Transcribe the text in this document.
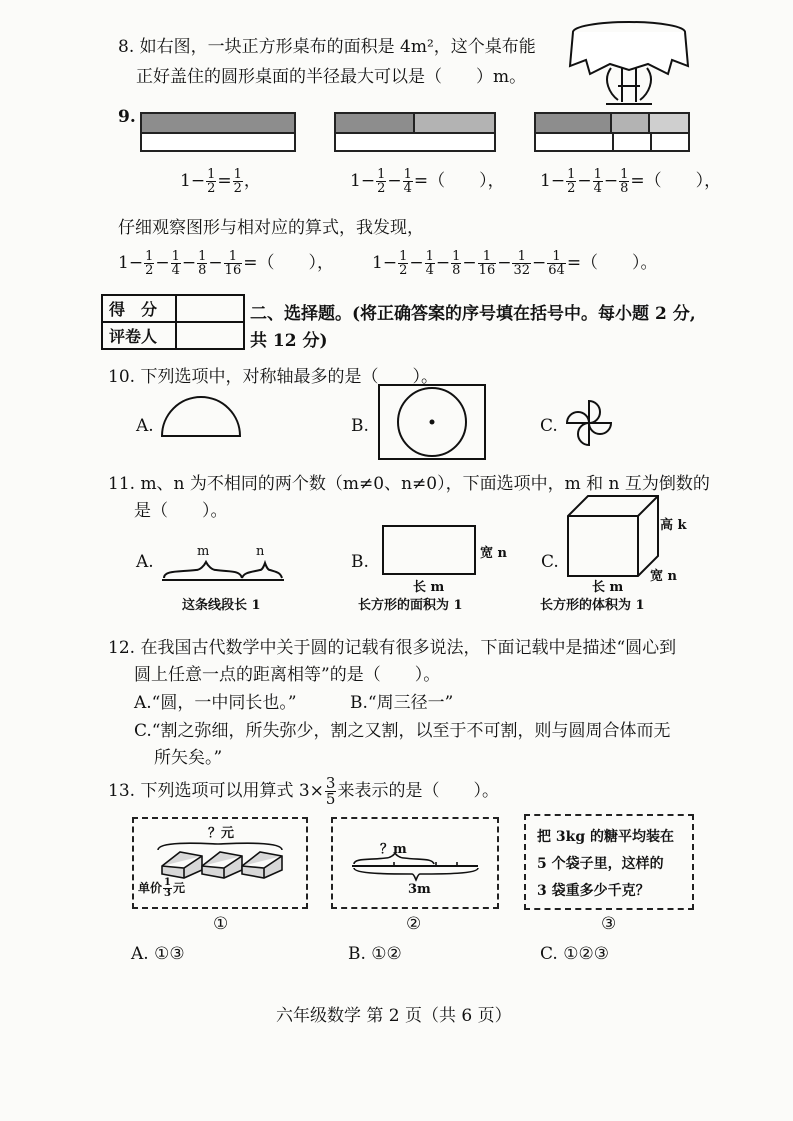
8. 如右图，一块正方形桌布的面积是 4m²，这个桌布能
正好盖住的圆形桌面的半径最大可以是（　　）m。
9.
$1- \frac{1}{2} = \frac{1}{2}$ ，	$1- \frac{1}{2} - \frac{1}{4}$ =（　　）， $1- \frac{1}{2} - \frac{1}{4} - \frac{1}{8}$ =（　　），
仔细观察图形与相对应的算式，我发现，
$1- \frac{1}{2} - \frac{1}{4} - \frac{1}{8} - \frac{1}{16}$ =（　　）， $1- \frac{1}{2} - \frac{1}{4} - \frac{1}{8} - \frac{1}{16} - \frac{1}{32} - \frac{1}{64}$ =（　　）。
得　分	
评卷人	
二、选择题。(将正确答案的序号填在括号中。每小题 2 分,
共 12 分)
10. 下列选项中，对称轴最多的是（　　）。
A.	B.	C.
11. m、n 为不相同的两个数（m≠0、n≠0），下面选项中，m 和 n 互为倒数的
是（　　）。
A.
m	n
这条线段长 1
B.	宽 n
长 m
长方形的面积为 1
C.
高 k
宽 n
长 m
长方形的体积为 1
12. 在我国古代数学中关于圆的记载有很多说法，下面记载中是描述“圆心到
圆上任意一点的距离相等”的是（　　）。
A.“圆，一中同长也。”	B.“周三径一”
C.“割之弥细，所失弥少，割之又割，以至于不可割，则与圆周合体而无
所矢矣。”
13. 下列选项可以用算式 $3\times \frac{3}{5}$ 来表示的是（　　）。
？元
单价 $\frac{1}{3}$ 元
？m
3m
把 3kg 的糖平均装在
5 个袋子里，这样的
3 袋重多少千克？
①	②	③
A. ①③	B. ①②	C. ①②③
六年级数学 第 2 页（共 6 页）
